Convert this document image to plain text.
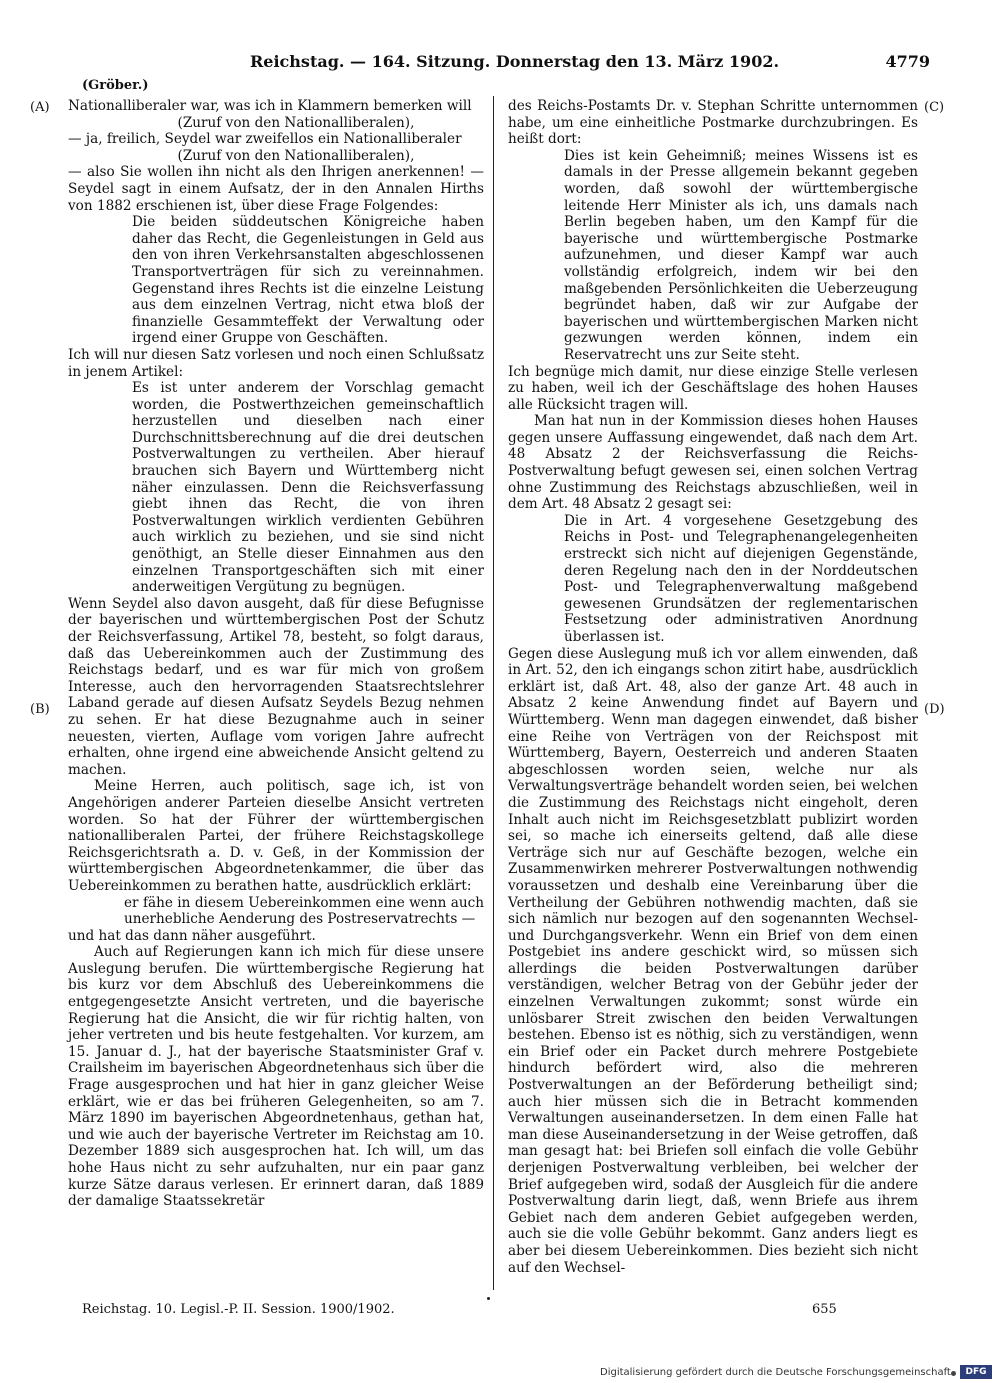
Reichstag. — 164. Sitzung. Donnerstag den 13. März 1902.	4779
(Gröber.)
(A)
(B)
(C)
(D)

Nationalliberaler war, was ich in Klammern bemerken will

(Zuruf von den Nationalliberalen),

— ja, freilich, Seydel war zweifellos ein Nationalliberaler

(Zuruf von den Nationalliberalen),

— also Sie wollen ihn nicht als den Ihrigen anerkennen! — Seydel sagt in einem Aufsatz, der in den Annalen Hirths von 1882 erschienen ist, über diese Frage Folgendes:

Die beiden süddeutschen Königreiche haben daher das Recht, die Gegenleistungen in Geld aus den von ihren Verkehrsanstalten abgeschlossenen Transportverträgen für sich zu vereinnahmen. Gegenstand ihres Rechts ist die einzelne Leistung aus dem einzelnen Vertrag, nicht etwa bloß der finanzielle Gesammteffekt der Verwaltung oder irgend einer Gruppe von Geschäften.

Ich will nur diesen Satz vorlesen und noch einen Schlußsatz in jenem Artikel:

Es ist unter anderem der Vorschlag gemacht worden, die Postwerthzeichen gemeinschaftlich herzustellen und dieselben nach einer Durchschnittsberechnung auf die drei deutschen Postverwaltungen zu vertheilen. Aber hierauf brauchen sich Bayern und Württemberg nicht näher einzulassen. Denn die Reichsverfassung giebt ihnen das Recht, die von ihren Postverwaltungen wirklich verdienten Gebühren auch wirklich zu beziehen, und sie sind nicht genöthigt, an Stelle dieser Einnahmen aus den einzelnen Transportgeschäften sich mit einer anderweitigen Vergütung zu begnügen.

Wenn Seydel also davon ausgeht, daß für diese Befugnisse der bayerischen und württembergischen Post der Schutz der Reichsverfassung, Artikel 78, besteht, so folgt daraus, daß das Uebereinkommen auch der Zustimmung des Reichstags bedarf, und es war für mich von großem Interesse, auch den hervorragenden Staatsrechtslehrer Laband gerade auf diesen Aufsatz Seydels Bezug nehmen zu sehen. Er hat diese Bezugnahme auch in seiner neuesten, vierten, Auflage vom vorigen Jahre aufrecht erhalten, ohne irgend eine abweichende Ansicht geltend zu machen.

Meine Herren, auch politisch, sage ich, ist von Angehörigen anderer Parteien dieselbe Ansicht vertreten worden. So hat der Führer der württembergischen nationalliberalen Partei, der frühere Reichstagskollege Reichsgerichtsrath a. D. v. Geß, in der Kommission der württembergischen Abgeordnetenkammer, die über das Uebereinkommen zu berathen hatte, ausdrücklich erklärt:

er fähe in diesem Uebereinkommen eine wenn auch unerhebliche Aenderung des Postreservatrechts —

und hat das dann näher ausgeführt.

Auch auf Regierungen kann ich mich für diese unsere Auslegung berufen. Die württembergische Regierung hat bis kurz vor dem Abschluß des Uebereinkommens die entgegengesetzte Ansicht vertreten, und die bayerische Regierung hat die Ansicht, die wir für richtig halten, von jeher vertreten und bis heute festgehalten. Vor kurzem, am 15. Januar d. J., hat der bayerische Staatsminister Graf v. Crailsheim im bayerischen Abgeordnetenhaus sich über die Frage ausgesprochen und hat hier in ganz gleicher Weise erklärt, wie er das bei früheren Gelegenheiten, so am 7. März 1890 im bayerischen Abgeordnetenhaus, gethan hat, und wie auch der bayerische Vertreter im Reichstag am 10. Dezember 1889 sich ausgesprochen hat. Ich will, um das hohe Haus nicht zu sehr aufzuhalten, nur ein paar ganz kurze Sätze daraus verlesen. Er erinnert daran, daß 1889 der damalige Staatssekretär

des Reichs-Postamts Dr. v. Stephan Schritte unternommen habe, um eine einheitliche Postmarke durchzubringen. Es heißt dort:

Dies ist kein Geheimniß; meines Wissens ist es damals in der Presse allgemein bekannt gegeben worden, daß sowohl der württembergische leitende Herr Minister als ich, uns damals nach Berlin begeben haben, um den Kampf für die bayerische und württembergische Postmarke aufzunehmen, und dieser Kampf war auch vollständig erfolgreich, indem wir bei den maßgebenden Persönlichkeiten die Ueberzeugung begründet haben, daß wir zur Aufgabe der bayerischen und württembergischen Marken nicht gezwungen werden können, indem ein Reservatrecht uns zur Seite steht.

Ich begnüge mich damit, nur diese einzige Stelle verlesen zu haben, weil ich der Geschäftslage des hohen Hauses alle Rücksicht tragen will.

Man hat nun in der Kommission dieses hohen Hauses gegen unsere Auffassung eingewendet, daß nach dem Art. 48 Absatz 2 der Reichsverfassung die Reichs-Postverwaltung befugt gewesen sei, einen solchen Vertrag ohne Zustimmung des Reichstags abzuschließen, weil in dem Art. 48 Absatz 2 gesagt sei:

Die in Art. 4 vorgesehene Gesetzgebung des Reichs in Post- und Telegraphenangelegenheiten erstreckt sich nicht auf diejenigen Gegenstände, deren Regelung nach den in der Norddeutschen Post- und Telegraphenverwaltung maßgebend gewesenen Grundsätzen der reglementarischen Festsetzung oder administrativen Anordnung überlassen ist.

Gegen diese Auslegung muß ich vor allem einwenden, daß in Art. 52, den ich eingangs schon zitirt habe, ausdrücklich erklärt ist, daß Art. 48, also der ganze Art. 48 auch in Absatz 2 keine Anwendung findet auf Bayern und Württemberg. Wenn man dagegen einwendet, daß bisher eine Reihe von Verträgen von der Reichspost mit Württemberg, Bayern, Oesterreich und anderen Staaten abgeschlossen worden seien, welche nur als Verwaltungsverträge behandelt worden seien, bei welchen die Zustimmung des Reichstags nicht eingeholt, deren Inhalt auch nicht im Reichsgesetzblatt publizirt worden sei, so mache ich einerseits geltend, daß alle diese Verträge sich nur auf Geschäfte bezogen, welche ein Zusammenwirken mehrerer Postverwaltungen nothwendig voraussetzen und deshalb eine Vereinbarung über die Vertheilung der Gebühren nothwendig machten, daß sie sich nämlich nur bezogen auf den sogenannten Wechsel- und Durchgangsverkehr. Wenn ein Brief von dem einen Postgebiet ins andere geschickt wird, so müssen sich allerdings die beiden Postverwaltungen darüber verständigen, welcher Betrag von der Gebühr jeder der einzelnen Verwaltungen zukommt; sonst würde ein unlösbarer Streit zwischen den beiden Verwaltungen bestehen. Ebenso ist es nöthig, sich zu verständigen, wenn ein Brief oder ein Packet durch mehrere Postgebiete hindurch befördert wird, also die mehreren Postverwaltungen an der Beförderung betheiligt sind; auch hier müssen sich die in Betracht kommenden Verwaltungen auseinandersetzen. In dem einen Falle hat man diese Auseinandersetzung in der Weise getroffen, daß man gesagt hat: bei Briefen soll einfach die volle Gebühr derjenigen Postverwaltung verbleiben, bei welcher der Brief aufgegeben wird, sodaß der Ausgleich für die andere Postverwaltung darin liegt, daß, wenn Briefe aus ihrem Gebiet nach dem anderen Gebiet aufgegeben werden, auch sie die volle Gebühr bekommt. Ganz anders liegt es aber bei diesem Uebereinkommen. Dies bezieht sich nicht auf den Wechsel-

Reichstag. 10. Legisl.-P. II. Session. 1900/1902.	655
Digitalisierung gefördert durch die Deutsche Forschungsgemeinschaft	DFG
